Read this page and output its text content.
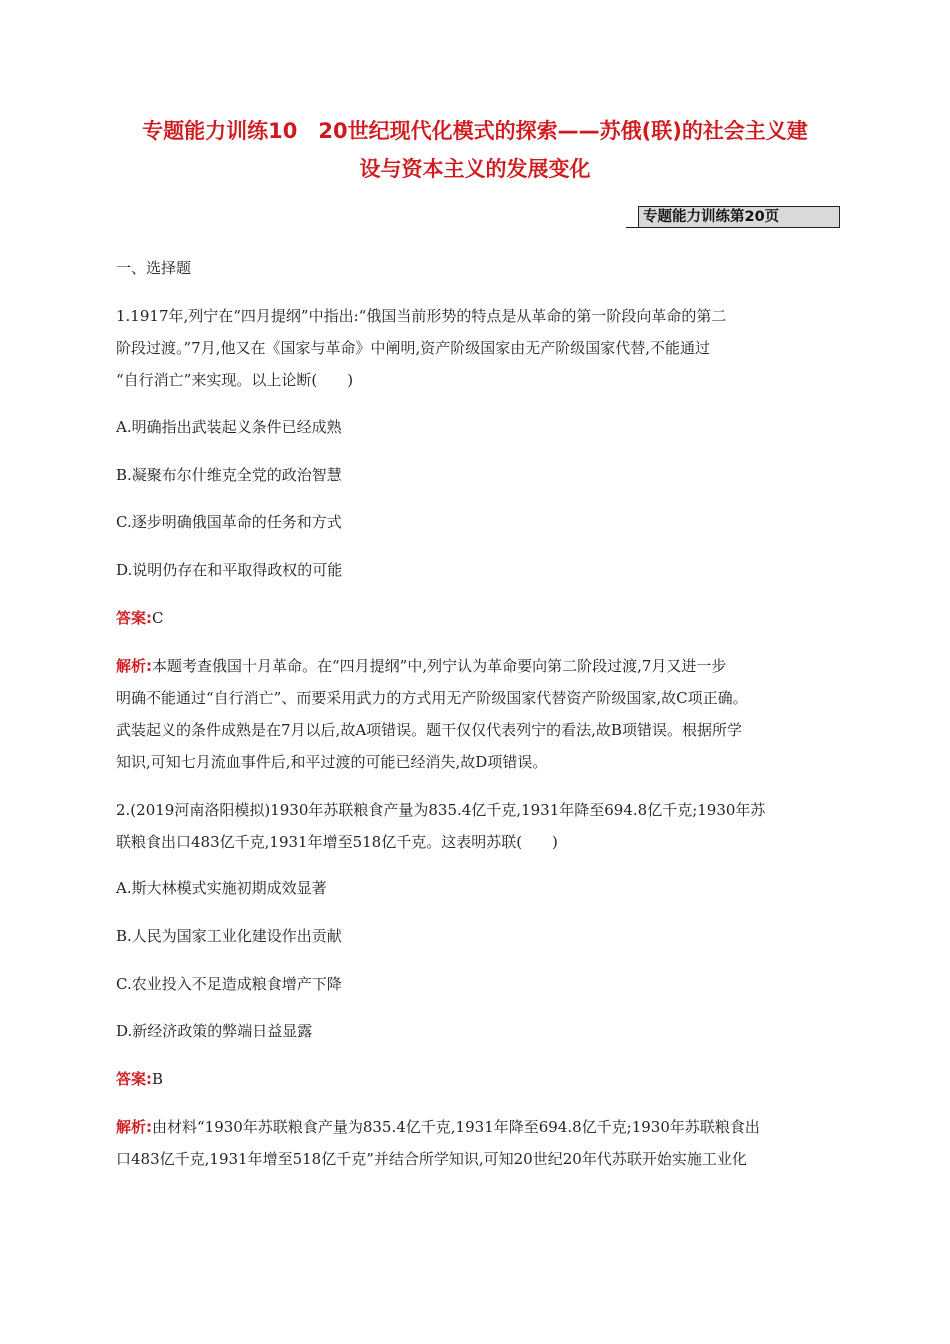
专题能力训练10　20世纪现代化模式的探索——苏俄(联)的社会主义建
设与资本主义的发展变化
专题能力训练第20页
一、选择题
1.1917年,列宁在“四月提纲”中指出:“俄国当前形势的特点是从革命的第一阶段向革命的第二
阶段过渡。”7月,他又在《国家与革命》中阐明,资产阶级国家由无产阶级国家代替,不能通过
“自行消亡”来实现。以上论断(　　)
A.明确指出武装起义条件已经成熟
B.凝聚布尔什维克全党的政治智慧
C.逐步明确俄国革命的任务和方式
D.说明仍存在和平取得政权的可能
答案:C
解析:本题考查俄国十月革命。在“四月提纲”中,列宁认为革命要向第二阶段过渡,7月又进一步
明确不能通过“自行消亡”、而要采用武力的方式用无产阶级国家代替资产阶级国家,故C项正确。
武装起义的条件成熟是在7月以后,故A项错误。题干仅仅代表列宁的看法,故B项错误。根据所学
知识,可知七月流血事件后,和平过渡的可能已经消失,故D项错误。
2.(2019河南洛阳模拟)1930年苏联粮食产量为835.4亿千克,1931年降至694.8亿千克;1930年苏
联粮食出口483亿千克,1931年增至518亿千克。这表明苏联(　　)
A.斯大林模式实施初期成效显著
B.人民为国家工业化建设作出贡献
C.农业投入不足造成粮食增产下降
D.新经济政策的弊端日益显露
答案:B
解析:由材料“1930年苏联粮食产量为835.4亿千克,1931年降至694.8亿千克;1930年苏联粮食出
口483亿千克,1931年增至518亿千克”并结合所学知识,可知20世纪20年代苏联开始实施工业化
